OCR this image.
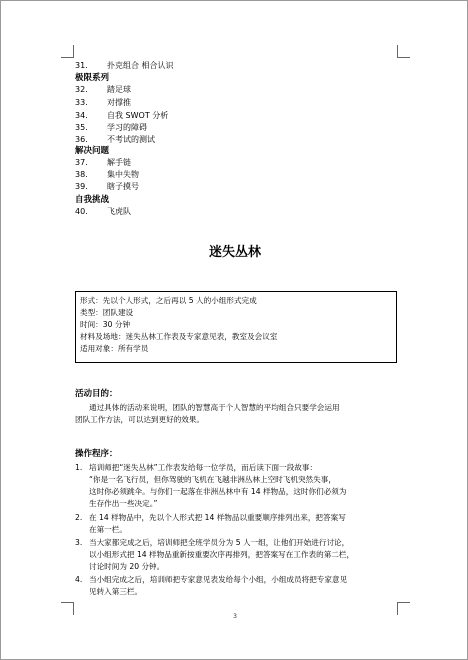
31. 扑克组合 相合认识
极限系列
32. 踏足球
33. 对撑推
34. 自我 SWOT 分析
35. 学习的障碍
36. 不考试的测试
解决问题
37. 解手链
38. 集中失物
39. 瞎子摸号
自我挑战
40. 飞虎队
迷失丛林
形式：先以个人形式，之后再以 5 人的小组形式完成
类型：团队建设
时间：30 分钟
材料及场地：迷失丛林工作表及专家意见表，教室及会议室
适用对象：所有学员
活动目的：
通过具体的活动来说明，团队的智慧高于个人智慧的平均组合只要学会运用
团队工作方法，可以达到更好的效果。
操作程序：
1. 培训师把“迷失丛林”工作表发给每一位学员，而后读下面一段故事：
“你是一名飞行员，但你驾驶的飞机在飞越非洲丛林上空时飞机突然失事，
这时你必须跳伞。与你们一起落在非洲丛林中有 14 样物品，这时你们必须为
生存作出一些决定。”
2. 在 14 样物品中，先以个人形式把 14 样物品以重要顺序排列出来，把答案写
在第一栏。
3. 当大家都完成之后，培训师把全班学员分为 5 人一组，让他们开始进行讨论，
以小组形式把 14 样物品重新按重要次序再排列，把答案写在工作表的第二栏，
讨论时间为 20 分钟。
4. 当小组完成之后，培训师把专家意见表发给每个小组，小组成员将把专家意见
见转入第三栏。
3
